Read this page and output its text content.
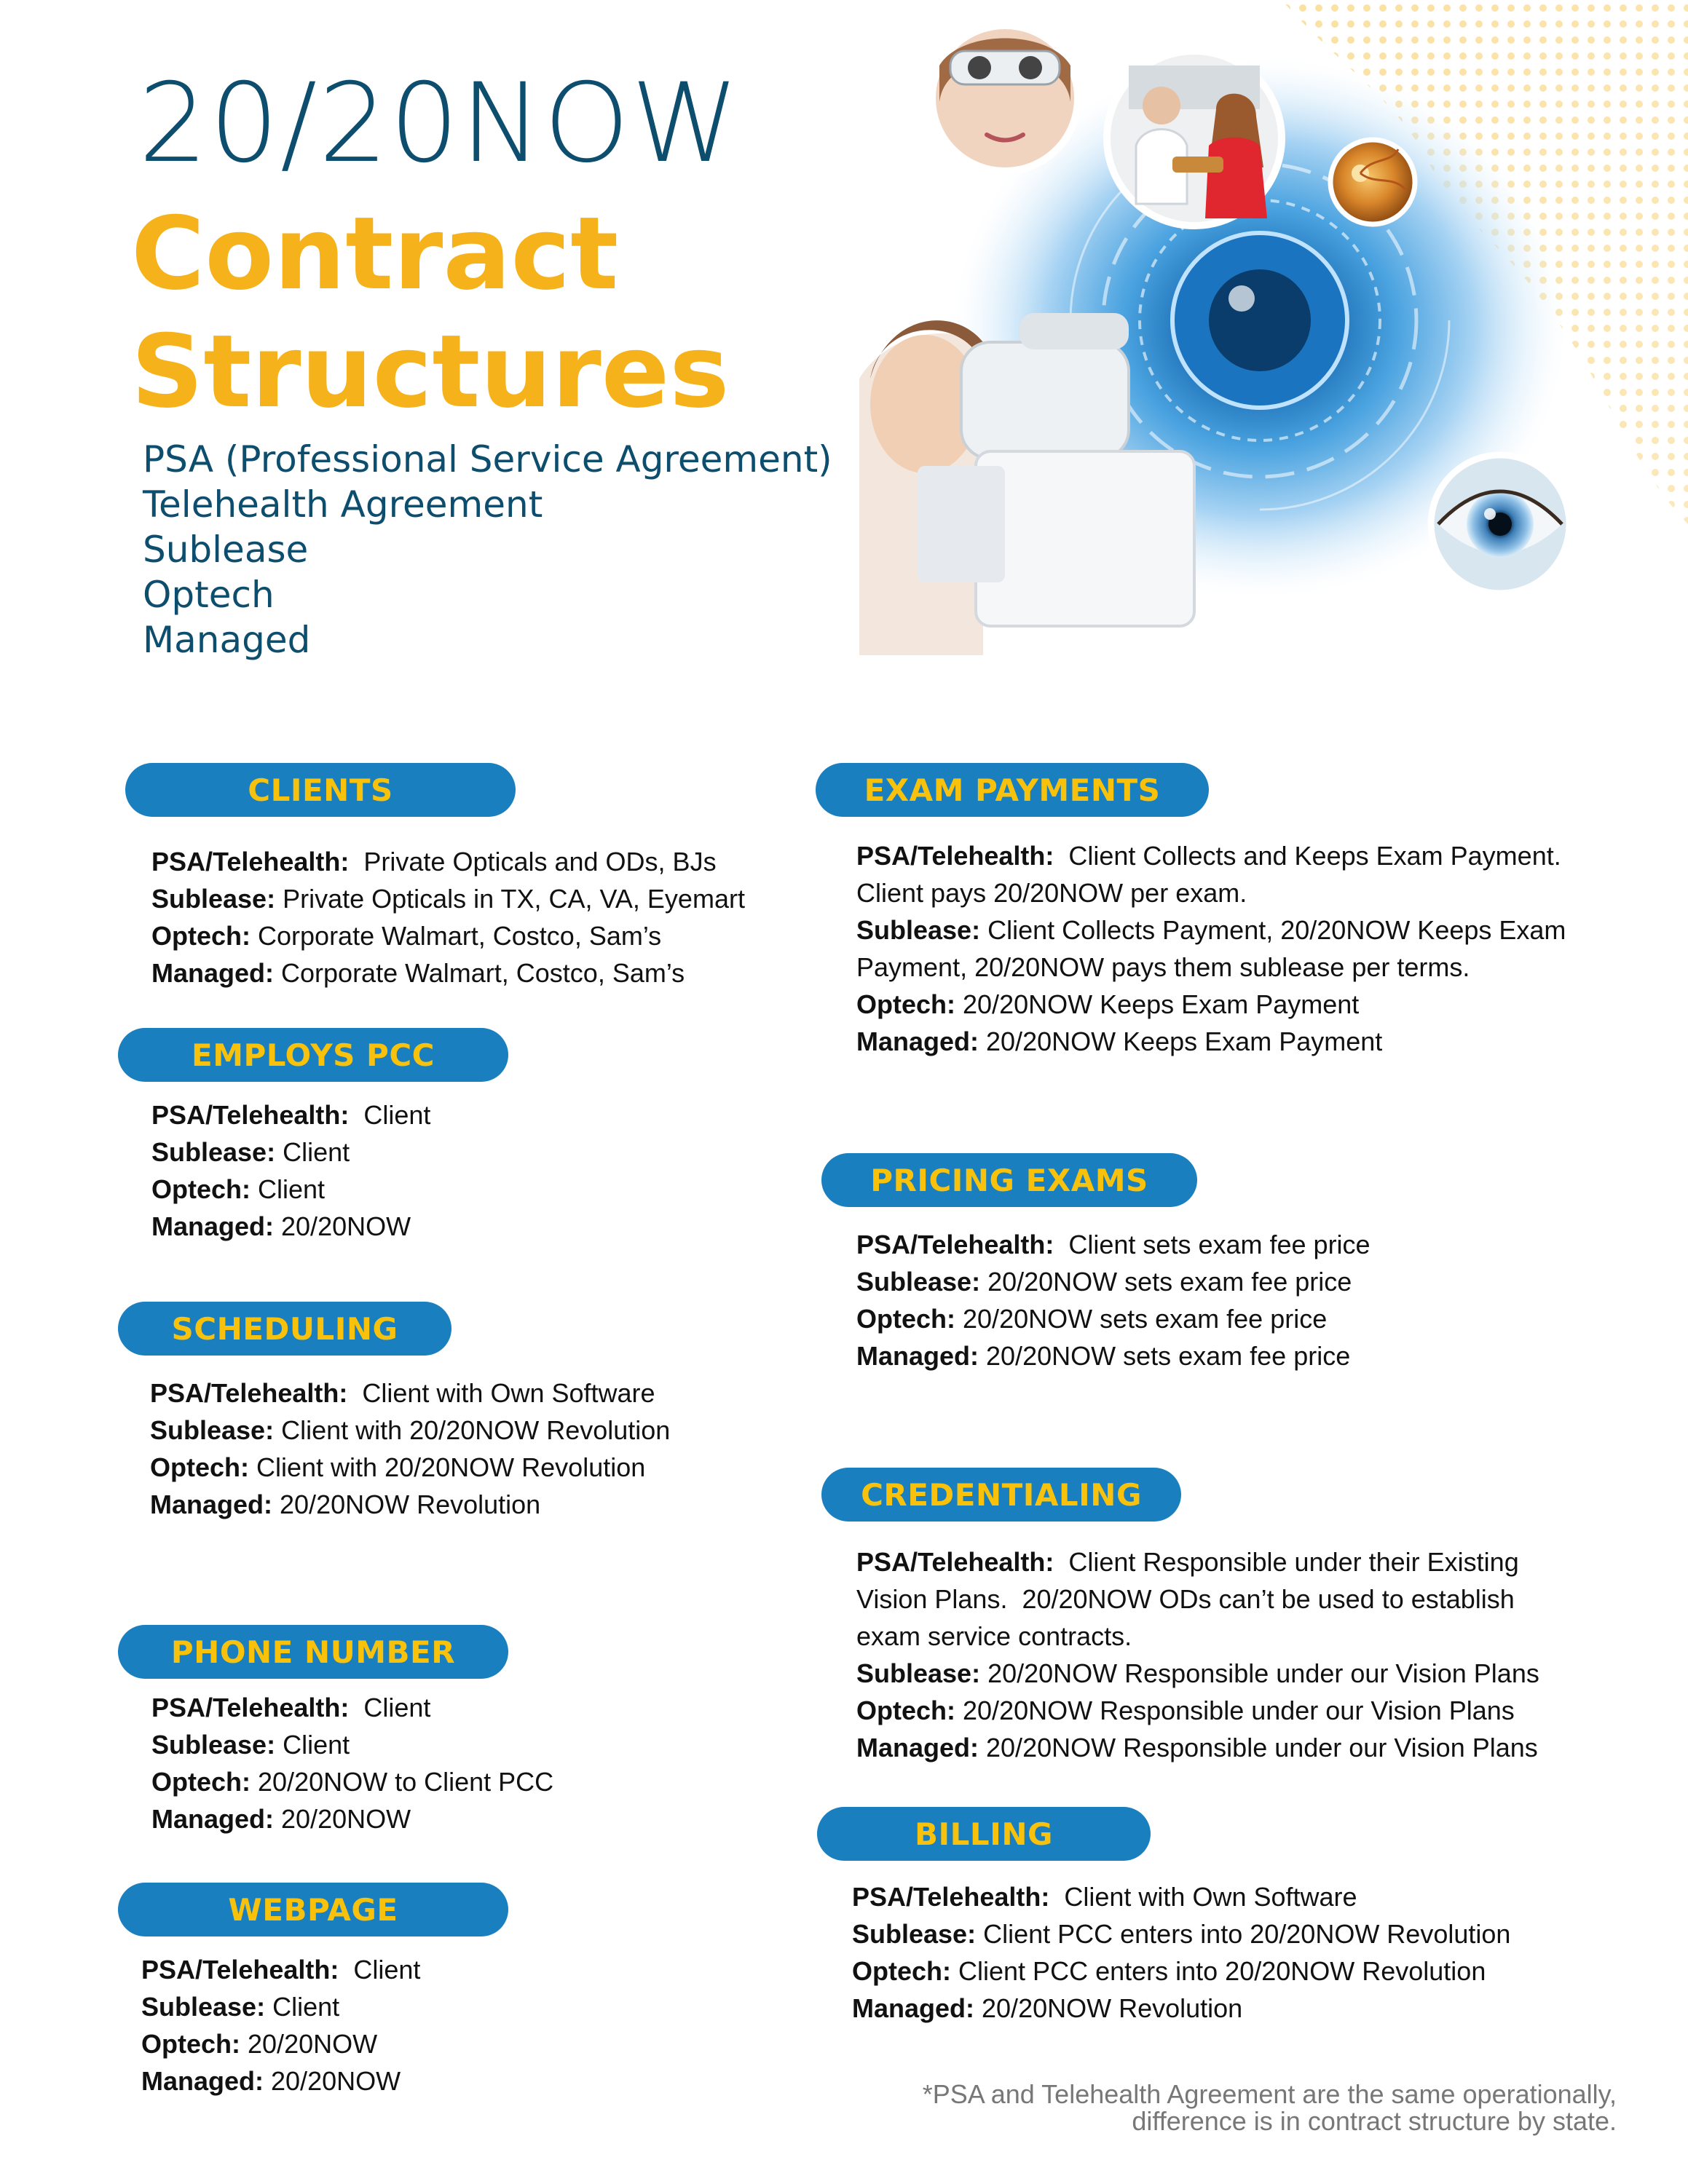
20/20NOW
Contract
Structures
PSA (Professional Service Agreement)
Telehealth Agreement
Sublease
Optech
Managed
CLIENTS
PSA/Telehealth:  Private Opticals and ODs, BJs
Sublease: Private Opticals in TX, CA, VA, Eyemart
Optech: Corporate Walmart, Costco, Sam’s
Managed: Corporate Walmart, Costco, Sam’s
EMPLOYS PCC
PSA/Telehealth:  Client
Sublease: Client
Optech: Client
Managed: 20/20NOW
SCHEDULING
PSA/Telehealth:  Client with Own Software
Sublease: Client with 20/20NOW Revolution
Optech: Client with 20/20NOW Revolution
Managed: 20/20NOW Revolution
PHONE NUMBER
PSA/Telehealth:  Client
Sublease: Client
Optech: 20/20NOW to Client PCC
Managed: 20/20NOW
WEBPAGE
PSA/Telehealth:  Client
Sublease: Client
Optech: 20/20NOW
Managed: 20/20NOW
EXAM PAYMENTS
PSA/Telehealth:  Client Collects and Keeps Exam Payment. Client pays 20/20NOW per exam.
Sublease: Client Collects Payment, 20/20NOW Keeps Exam Payment, 20/20NOW pays them sublease per terms.
Optech: 20/20NOW Keeps Exam Payment
Managed: 20/20NOW Keeps Exam Payment
PRICING EXAMS
PSA/Telehealth:  Client sets exam fee price
Sublease: 20/20NOW sets exam fee price
Optech: 20/20NOW sets exam fee price
Managed: 20/20NOW sets exam fee price
CREDENTIALING
PSA/Telehealth:  Client Responsible under their Existing Vision Plans.  20/20NOW ODs can’t be used to establish exam service contracts.
Sublease: 20/20NOW Responsible under our Vision Plans
Optech: 20/20NOW Responsible under our Vision Plans
Managed: 20/20NOW Responsible under our Vision Plans
BILLING
PSA/Telehealth:  Client with Own Software
Sublease: Client PCC enters into 20/20NOW Revolution
Optech: Client PCC enters into 20/20NOW Revolution
Managed: 20/20NOW Revolution
*PSA and Telehealth Agreement are the same operationally,
difference is in contract structure by state.
